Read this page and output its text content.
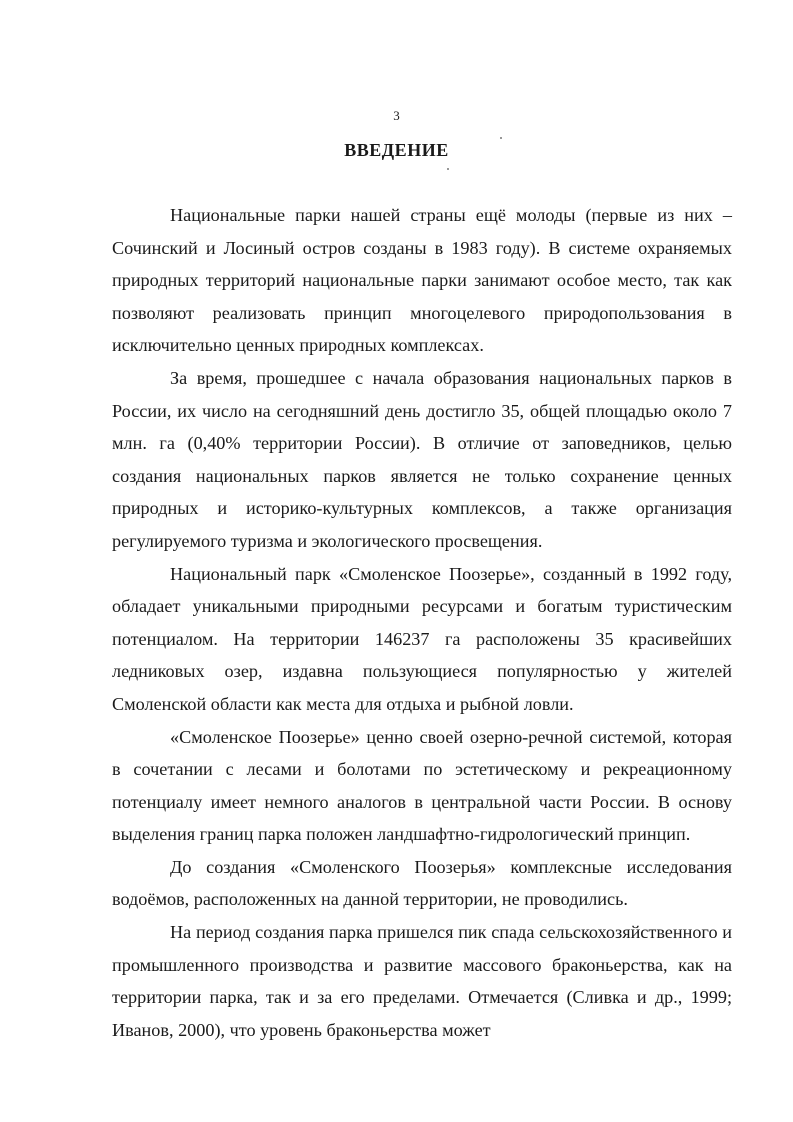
3
ВВЕДЕНИЕ

Национальные парки нашей страны ещё молоды (первые из них – Сочинский и Лосиный остров созданы в 1983 году). В системе охраняемых природных территорий национальные парки занимают особое место, так как позволяют реализовать принцип многоцелевого природопользования в исключительно ценных природных комплексах.

За время, прошедшее с начала образования национальных парков в России, их число на сегодняшний день достигло 35, общей площадью около 7 млн. га (0,40% территории России). В отличие от заповедников, целью создания национальных парков является не только сохранение ценных природных и историко-культурных комплексов, а также организация регулируемого туризма и экологического просвещения.

Национальный парк «Смоленское Поозерье», созданный в 1992 году, обладает уникальными природными ресурсами и богатым туристическим потенциалом. На территории 146237 га расположены 35 красивейших ледниковых озер, издавна пользующиеся популярностью у жителей Смоленской области как места для отдыха и рыбной ловли.

«Смоленское Поозерье» ценно своей озерно-речной системой, которая в сочетании с лесами и болотами по эстетическому и рекреационному потенциалу имеет немного аналогов в центральной части России. В основу выделения границ парка положен ландшафтно-гидрологический принцип.

До создания «Смоленского Поозерья» комплексные исследования водоёмов, расположенных на данной территории, не проводились.

На период создания парка пришелся пик спада сельскохозяйственного и промышленного производства и развитие массового браконьерства, как на территории парка, так и за его пределами. Отмечается (Сливка и др., 1999; Иванов, 2000), что уровень браконьерства может
